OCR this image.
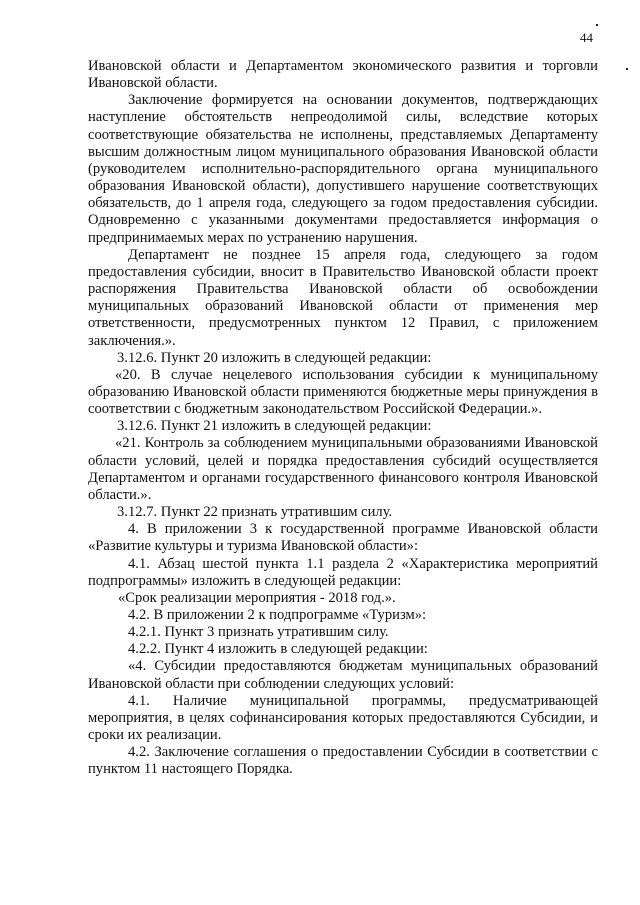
44

Ивановской области и Департаментом экономического развития и торговли Ивановской области.

Заключение формируется на основании документов, подтверждающих наступление обстоятельств непреодолимой силы, вследствие которых соответствующие обязательства не исполнены, представляемых Департаменту высшим должностным лицом муниципального образования Ивановской области (руководителем исполнительно-распорядительного органа муниципального образования Ивановской области), допустившего нарушение соответствующих обязательств, до 1 апреля года, следующего за годом предоставления субсидии. Одновременно с указанными документами предоставляется информация о предпринимаемых мерах по устранению нарушения.

Департамент не позднее 15 апреля года, следующего за годом предоставления субсидии, вносит в Правительство Ивановской области проект распоряжения Правительства Ивановской области об освобождении муниципальных образований Ивановской области от применения мер ответственности, предусмотренных пунктом 12 Правил, с приложением заключения.».

3.12.6. Пункт 20 изложить в следующей редакции:

«20. В случае нецелевого использования субсидии к муниципальному образованию Ивановской области применяются бюджетные меры принуждения в соответствии с бюджетным законодательством Российской Федерации.».

3.12.6. Пункт 21 изложить в следующей редакции:

«21. Контроль за соблюдением муниципальными образованиями Ивановской области условий, целей и порядка предоставления субсидий осуществляется Департаментом и органами государственного финансового контроля Ивановской области.».

3.12.7. Пункт 22 признать утратившим силу.

4. В приложении 3 к государственной программе Ивановской области «Развитие культуры и туризма Ивановской области»:

4.1. Абзац шестой пункта 1.1 раздела 2 «Характеристика мероприятий подпрограммы» изложить в следующей редакции:

«Срок реализации мероприятия - 2018 год.».

4.2. В приложении 2 к подпрограмме «Туризм»:

4.2.1. Пункт 3 признать утратившим силу.

4.2.2. Пункт 4 изложить в следующей редакции:

«4. Субсидии предоставляются бюджетам муниципальных образований Ивановской области при соблюдении следующих условий:

4.1. Наличие муниципальной программы, предусматривающей мероприятия, в целях софинансирования которых предоставляются Субсидии, и сроки их реализации.

4.2. Заключение соглашения о предоставлении Субсидии в соответствии с пунктом 11 настоящего Порядка.
